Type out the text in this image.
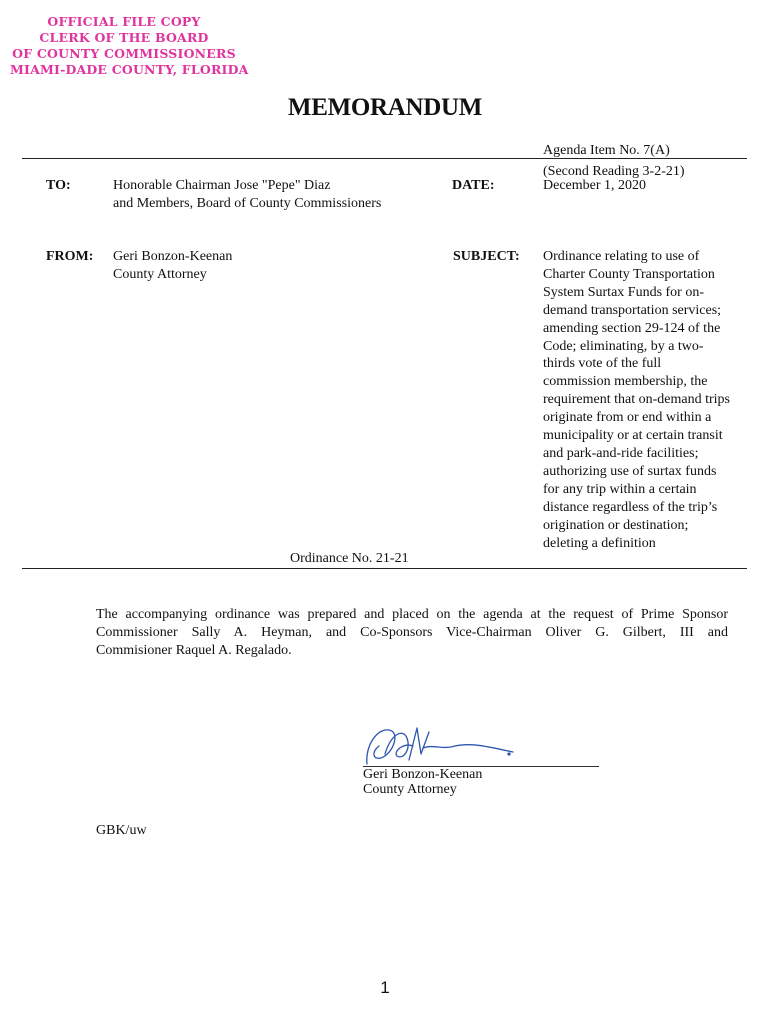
OFFICIAL FILE COPY
CLERK OF THE BOARD
OF COUNTY COMMISSIONERS
MIAMI-DADE COUNTY, FLORIDA
MEMORANDUM
Agenda Item No. 7(A)
(Second Reading 3-2-21)
TO:	Honorable Chairman Jose "Pepe" Diaz
and Members, Board of County Commissioners
DATE:	December 1, 2020
FROM: Geri Bonzon-Keenan
County Attorney
SUBJECT: Ordinance relating to use of
Charter County Transportation
System Surtax Funds for on-
demand transportation services;
amending section 29-124 of the
Code; eliminating, by a two-
thirds vote of the full
commission membership, the
requirement that on-demand trips
originate from or end within a
municipality or at certain transit
and park-and-ride facilities;
authorizing use of surtax funds
for any trip within a certain
distance regardless of the trip’s
origination or destination;
deleting a definition
Ordinance No. 21-21
The accompanying ordinance was prepared and placed on the agenda at the request of Prime Sponsor
Commissioner Sally A. Heyman, and Co-Sponsors Vice-Chairman Oliver G. Gilbert, III and
Commisioner Raquel A. Regalado.
Geri Bonzon-Keenan
County Attorney
GBK/uw
1
